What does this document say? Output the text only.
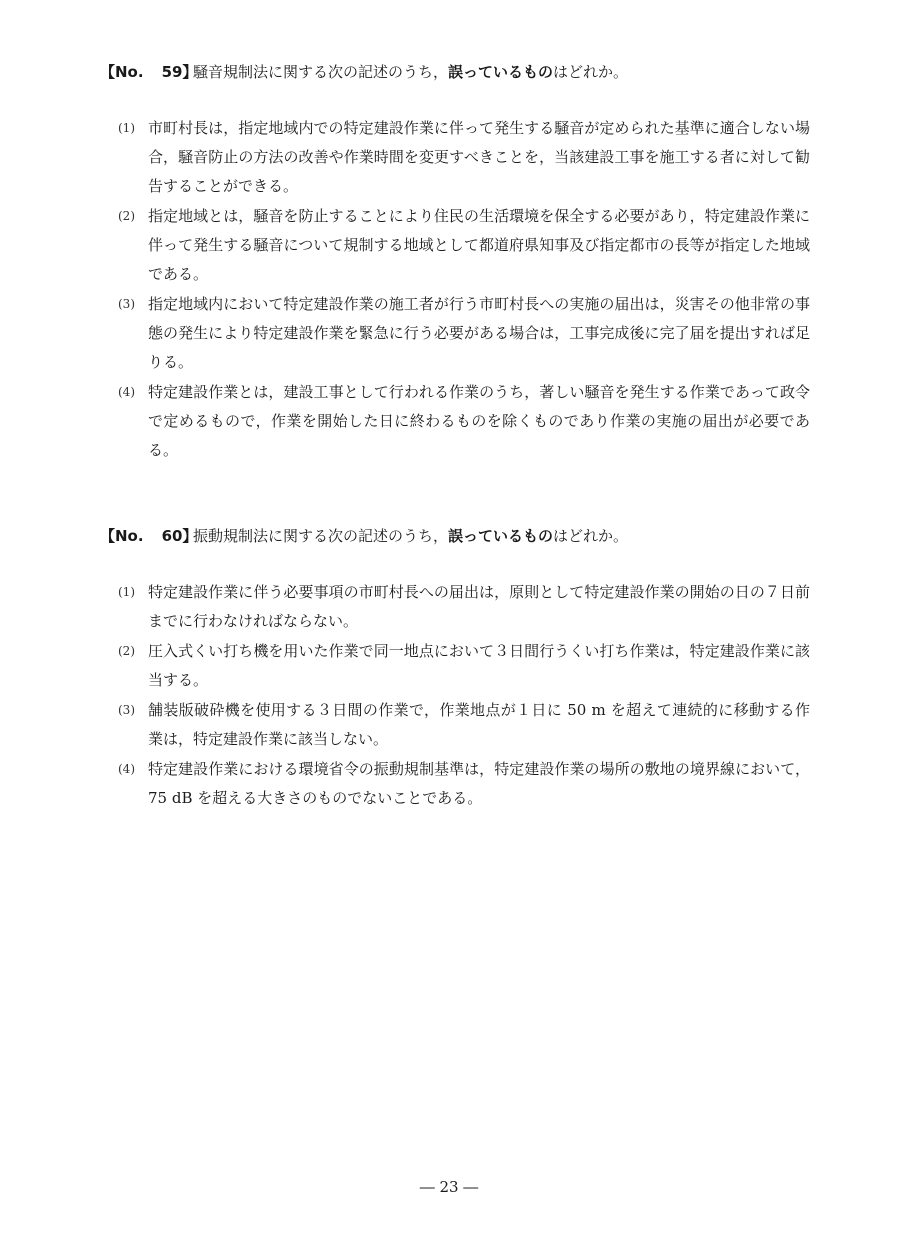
【No. 59】騒音規制法に関する次の記述のうち，誤っているものはどれか。
(1) 市町村長は，指定地域内での特定建設作業に伴って発生する騒音が定められた基準に適合しない場合，騒音防止の方法の改善や作業時間を変更すべきことを，当該建設工事を施工する者に対して勧告することができる。
(2) 指定地域とは，騒音を防止することにより住民の生活環境を保全する必要があり，特定建設作業に伴って発生する騒音について規制する地域として都道府県知事及び指定都市の長等が指定した地域である。
(3) 指定地域内において特定建設作業の施工者が行う市町村長への実施の届出は，災害その他非常の事態の発生により特定建設作業を緊急に行う必要がある場合は，工事完成後に完了届を提出すれば足りる。
(4) 特定建設作業とは，建設工事として行われる作業のうち，著しい騒音を発生する作業であって政令で定めるもので，作業を開始した日に終わるものを除くものであり作業の実施の届出が必要である。
【No. 60】振動規制法に関する次の記述のうち，誤っているものはどれか。
(1) 特定建設作業に伴う必要事項の市町村長への届出は，原則として特定建設作業の開始の日の７日前までに行わなければならない。
(2) 圧入式くい打ち機を用いた作業で同一地点において３日間行うくい打ち作業は，特定建設作業に該当する。
(3) 舗装版破砕機を使用する３日間の作業で，作業地点が１日に 50 m を超えて連続的に移動する作業は，特定建設作業に該当しない。
(4) 特定建設作業における環境省令の振動規制基準は，特定建設作業の場所の敷地の境界線において，75 dB を超える大きさのものでないことである。
― 23 ―
